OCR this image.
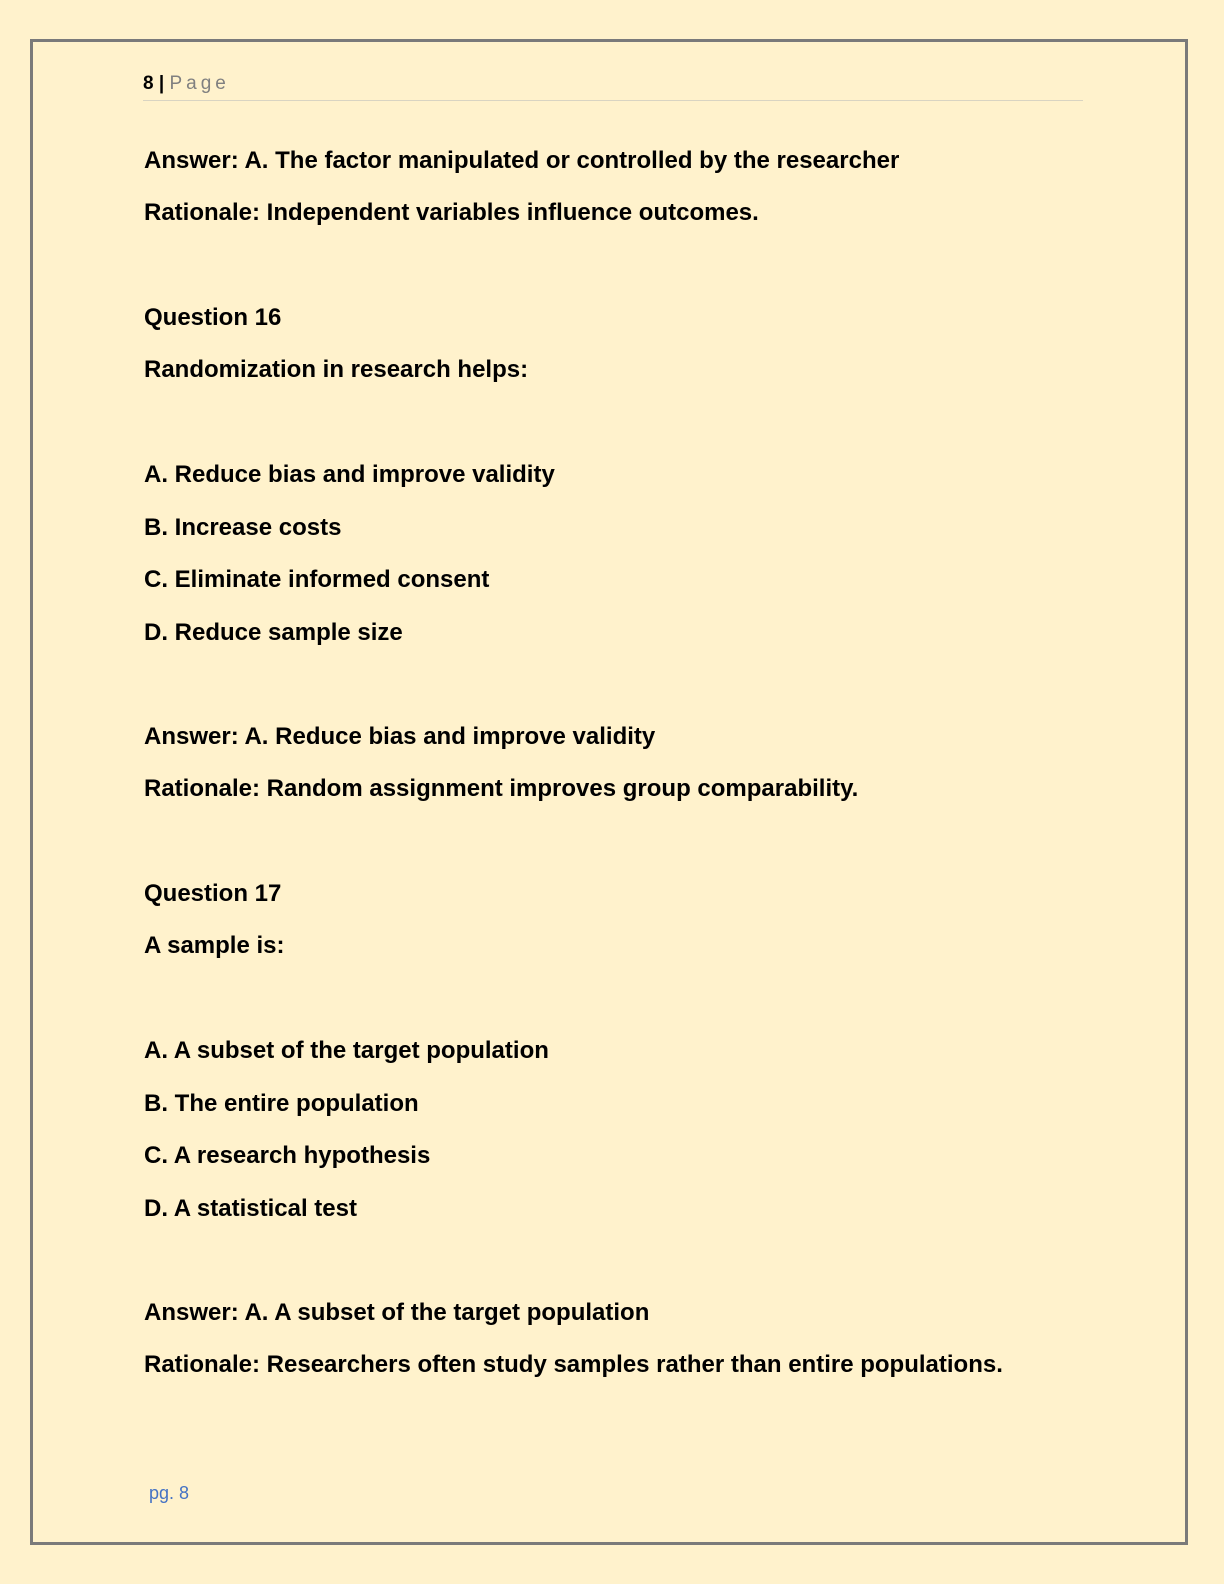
8 | Page

Answer: A. The factor manipulated or controlled by the researcher

Rationale: Independent variables influence outcomes.

Question 16

Randomization in research helps:

A. Reduce bias and improve validity

B. Increase costs

C. Eliminate informed consent

D. Reduce sample size

Answer: A. Reduce bias and improve validity

Rationale: Random assignment improves group comparability.

Question 17

A sample is:

A. A subset of the target population

B. The entire population

C. A research hypothesis

D. A statistical test

Answer: A. A subset of the target population

Rationale: Researchers often study samples rather than entire populations.

pg. 8
